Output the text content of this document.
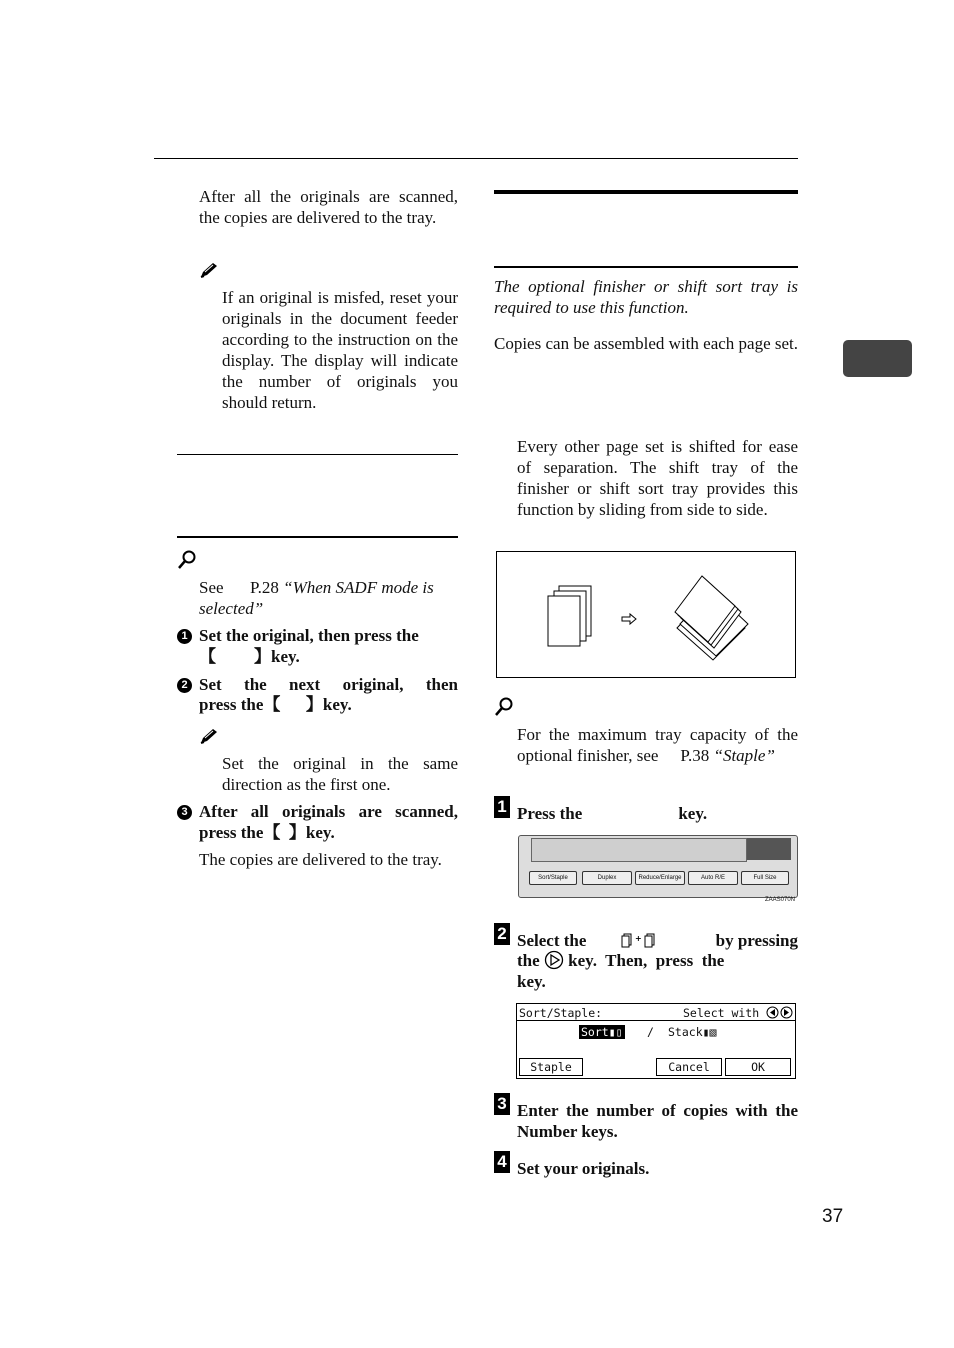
After all the originals are scanned, the copies are delivered to the tray.
If an original is misfed, reset your originals in the document feeder according to the instruction on the display. The display will indicate the number of originals you should return.
See P.28 “When SADF mode is selected”
1 Set the original, then press the
【 】key.
2 Set the next original, then
press the【      】key.
Set the original in the same direction as the first one.
3 After all originals are scanned,
press the【  】key.
The copies are delivered to the tray.
The optional finisher or shift sort tray is required to use this function.
Copies can be assembled with each page set.
Every other page set is shifted for ease of separation. The shift tray of the finisher or shift sort tray provides this function by sliding from side to side.
For the maximum tray capacity of the optional finisher, see P.38 “Staple”
1 Press the	key.
Sort/Staple	Duplex	Reduce/Enlarge	Auto R/E	Full Size
ZAAS070N
2 Select the	+	by pressing
the key.  Then,  press  the
key.
Sort/Staple:	Select with
Sort▮▯ / Stack▮▧
Staple	Cancel	OK
3 Enter the number of copies with the Number keys.
4 Set your originals.
37
